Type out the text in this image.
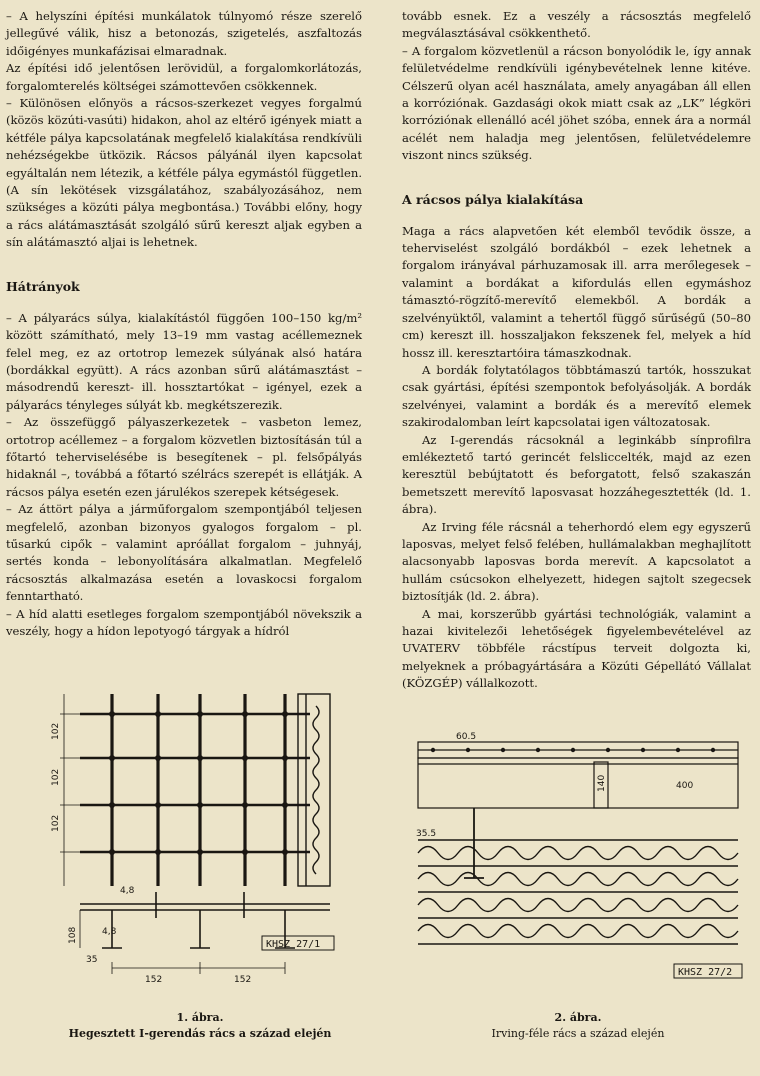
– A helyszíni építési munkálatok túlnyomó része szerelő jellegűvé válik, hisz a betonozás, szigetelés, aszfaltozás időigényes munkafázisai elmaradnak.

Az építési idő jelentősen lerövidül, a forgalomkorlátozás, forgalomterelés költségei számottevően csökkennek.

– Különösen előnyös a rácsos-szerkezet vegyes forgalmú (közös közúti-vasúti) hidakon, ahol az eltérő igények miatt a kétféle pálya kapcsolatának megfelelő kialakítása rendkívüli nehézségekbe ütközik. Rácsos pályánál ilyen kapcsolat egyáltalán nem létezik, a kétféle pálya egymástól független. (A sín lekötések vizsgálatához, szabályozásához, nem szükséges a közúti pálya megbontása.) További előny, hogy a rács alátámasztását szolgáló sűrű kereszt aljak egyben a sín alátámasztó aljai is lehetnek.

Hátrányok

– A pályarács súlya, kialakítástól függően 100–150 kg/m² között számítható, mely 13–19 mm vastag acéllemeznek felel meg, ez az ortotrop lemezek súlyának alsó határa (bordákkal együtt). A rács azonban sűrű alátámasztást – másodrendű kereszt- ill. hossztartókat – igényel, ezek a pályarács tényleges súlyát kb. megkétszerezik.

– Az összefüggő pályaszerkezetek – vasbeton lemez, ortotrop acéllemez – a forgalom közvetlen biztosításán túl a főtartó teherviselésébe is besegítenek – pl. felsőpályás hidaknál –, továbbá a főtartó szélrács szerepét is ellátják. A rácsos pálya esetén ezen járulékos szerepek kétségesek.

– Az áttört pálya a járműforgalom szempontjából teljesen megfelelő, azonban bizonyos gyalogos forgalom – pl. tűsarkú cipők – valamint apróállat forgalom – juhnyáj, sertés konda – lebonyolítására alkalmatlan. Megfelelő rácsosztás alkalmazása esetén a lovaskocsi forgalom fenntartható.

– A híd alatti esetleges forgalom szempontjából növekszik a veszély, hogy a hídon lepotyogó tárgyak a hídról

tovább esnek. Ez a veszély a rácsosztás megfelelő megválasztásával csökkenthető.

– A forgalom közvetlenül a rácson bonyolódik le, így annak felületvédelme rendkívüli igénybevételnek lenne kitéve. Célszerű olyan acél használata, amely anyagában áll ellen a korróziónak. Gazdasági okok miatt csak az „LK” légköri korróziónak ellenálló acél jöhet szóba, ennek ára a normál acélét nem haladja meg jelentősen, felületvédelemre viszont nincs szükség.

A rácsos pálya kialakítása

Maga a rács alapvetően két elemből tevődik össze, a teherviselést szolgáló bordákból – ezek lehetnek a forgalom irányával párhuzamosak ill. arra merőlegesek – valamint a bordákat a kifordulás ellen egymáshoz támasztó-rögzítő-merevítő elemekből. A bordák a szelvényüktől, valamint a tehertől függő sűrűségű (50–80 cm) kereszt ill. hosszaljakon fekszenek fel, melyek a híd hossz ill. keresztartóira támaszkodnak.

A bordák folytatólagos többtámaszú tartók, hosszukat csak gyártási, építési szempontok befolyásolják. A bordák szelvényei, valamint a bordák és a merevítő elemek szakirodalomban leírt kapcsolatai igen változatosak.

Az I-gerendás rácsoknál a leginkább sínprofilra emlékeztető tartó gerincét felsliccelték, majd az ezen keresztül bebújtatott és beforgatott, felső szakaszán bemetszett merevítő laposvasat hozzáhegesztették (ld. 1. ábra).

Az Irving féle rácsnál a teherhordó elem egy egyszerű laposvas, melyet felső felében, hullámalakban meghajlított alacsonyabb laposvas borda merevít. A kapcsolatot a hullám csúcsokon elhelyezett, hidegen sajtolt szegecsek biztosítják (ld. 2. ábra).

A mai, korszerűbb gyártási technológiák, valamint a hazai kivitelezői lehetőségek figyelembevételével az UVATERV többféle rácstípus terveit dolgozta ki, melyeknek a próbagyártására a Közúti Gépellátó Vállalat (KÖZGÉP) vállalkozott.

102
102
102
4,8
4,8
108
35
152	152
KHSZ 27/1
1. ábra.
Hegesztett I-gerendás rács a század elején
60.5
140	400
35.5
KHSZ 27/2
2. ábra.
Irving-féle rács a század elején
